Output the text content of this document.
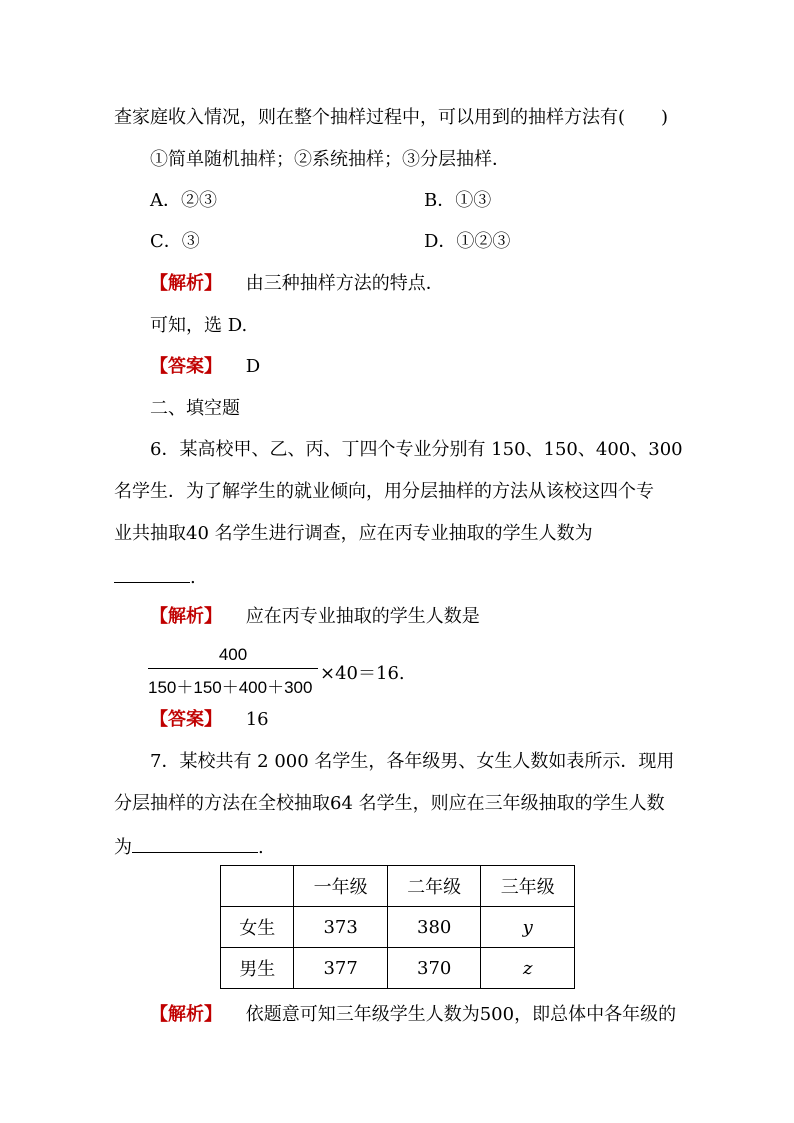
查家庭收入情况，则在整个抽样过程中，可以用到的抽样方法有(　　)
①简单随机抽样；②系统抽样；③分层抽样．
A．②③	B．①③
C．③	D．①②③
【解析】 由三种抽样方法的特点．
可知，选 D.
【答案】 D
二、填空题
6．某高校甲、乙、丙、丁四个专业分别有 150、150、400、300
名学生．为了解学生的就业倾向，用分层抽样的方法从该校这四个专
业共抽取40 名学生进行调查，应在丙专业抽取的学生人数为
.
【解析】 应在丙专业抽取的学生人数是
400
150＋150＋400＋300
×40＝16.
【答案】 16
7．某校共有 2 000 名学生，各年级男、女生人数如表所示．现用
分层抽样的方法在全校抽取64 名学生，则应在三年级抽取的学生人数
为	.
	一年级	二年级	三年级
女生	373	380	y
男生	377	370	z
【解析】 依题意可知三年级学生人数为500，即总体中各年级的
